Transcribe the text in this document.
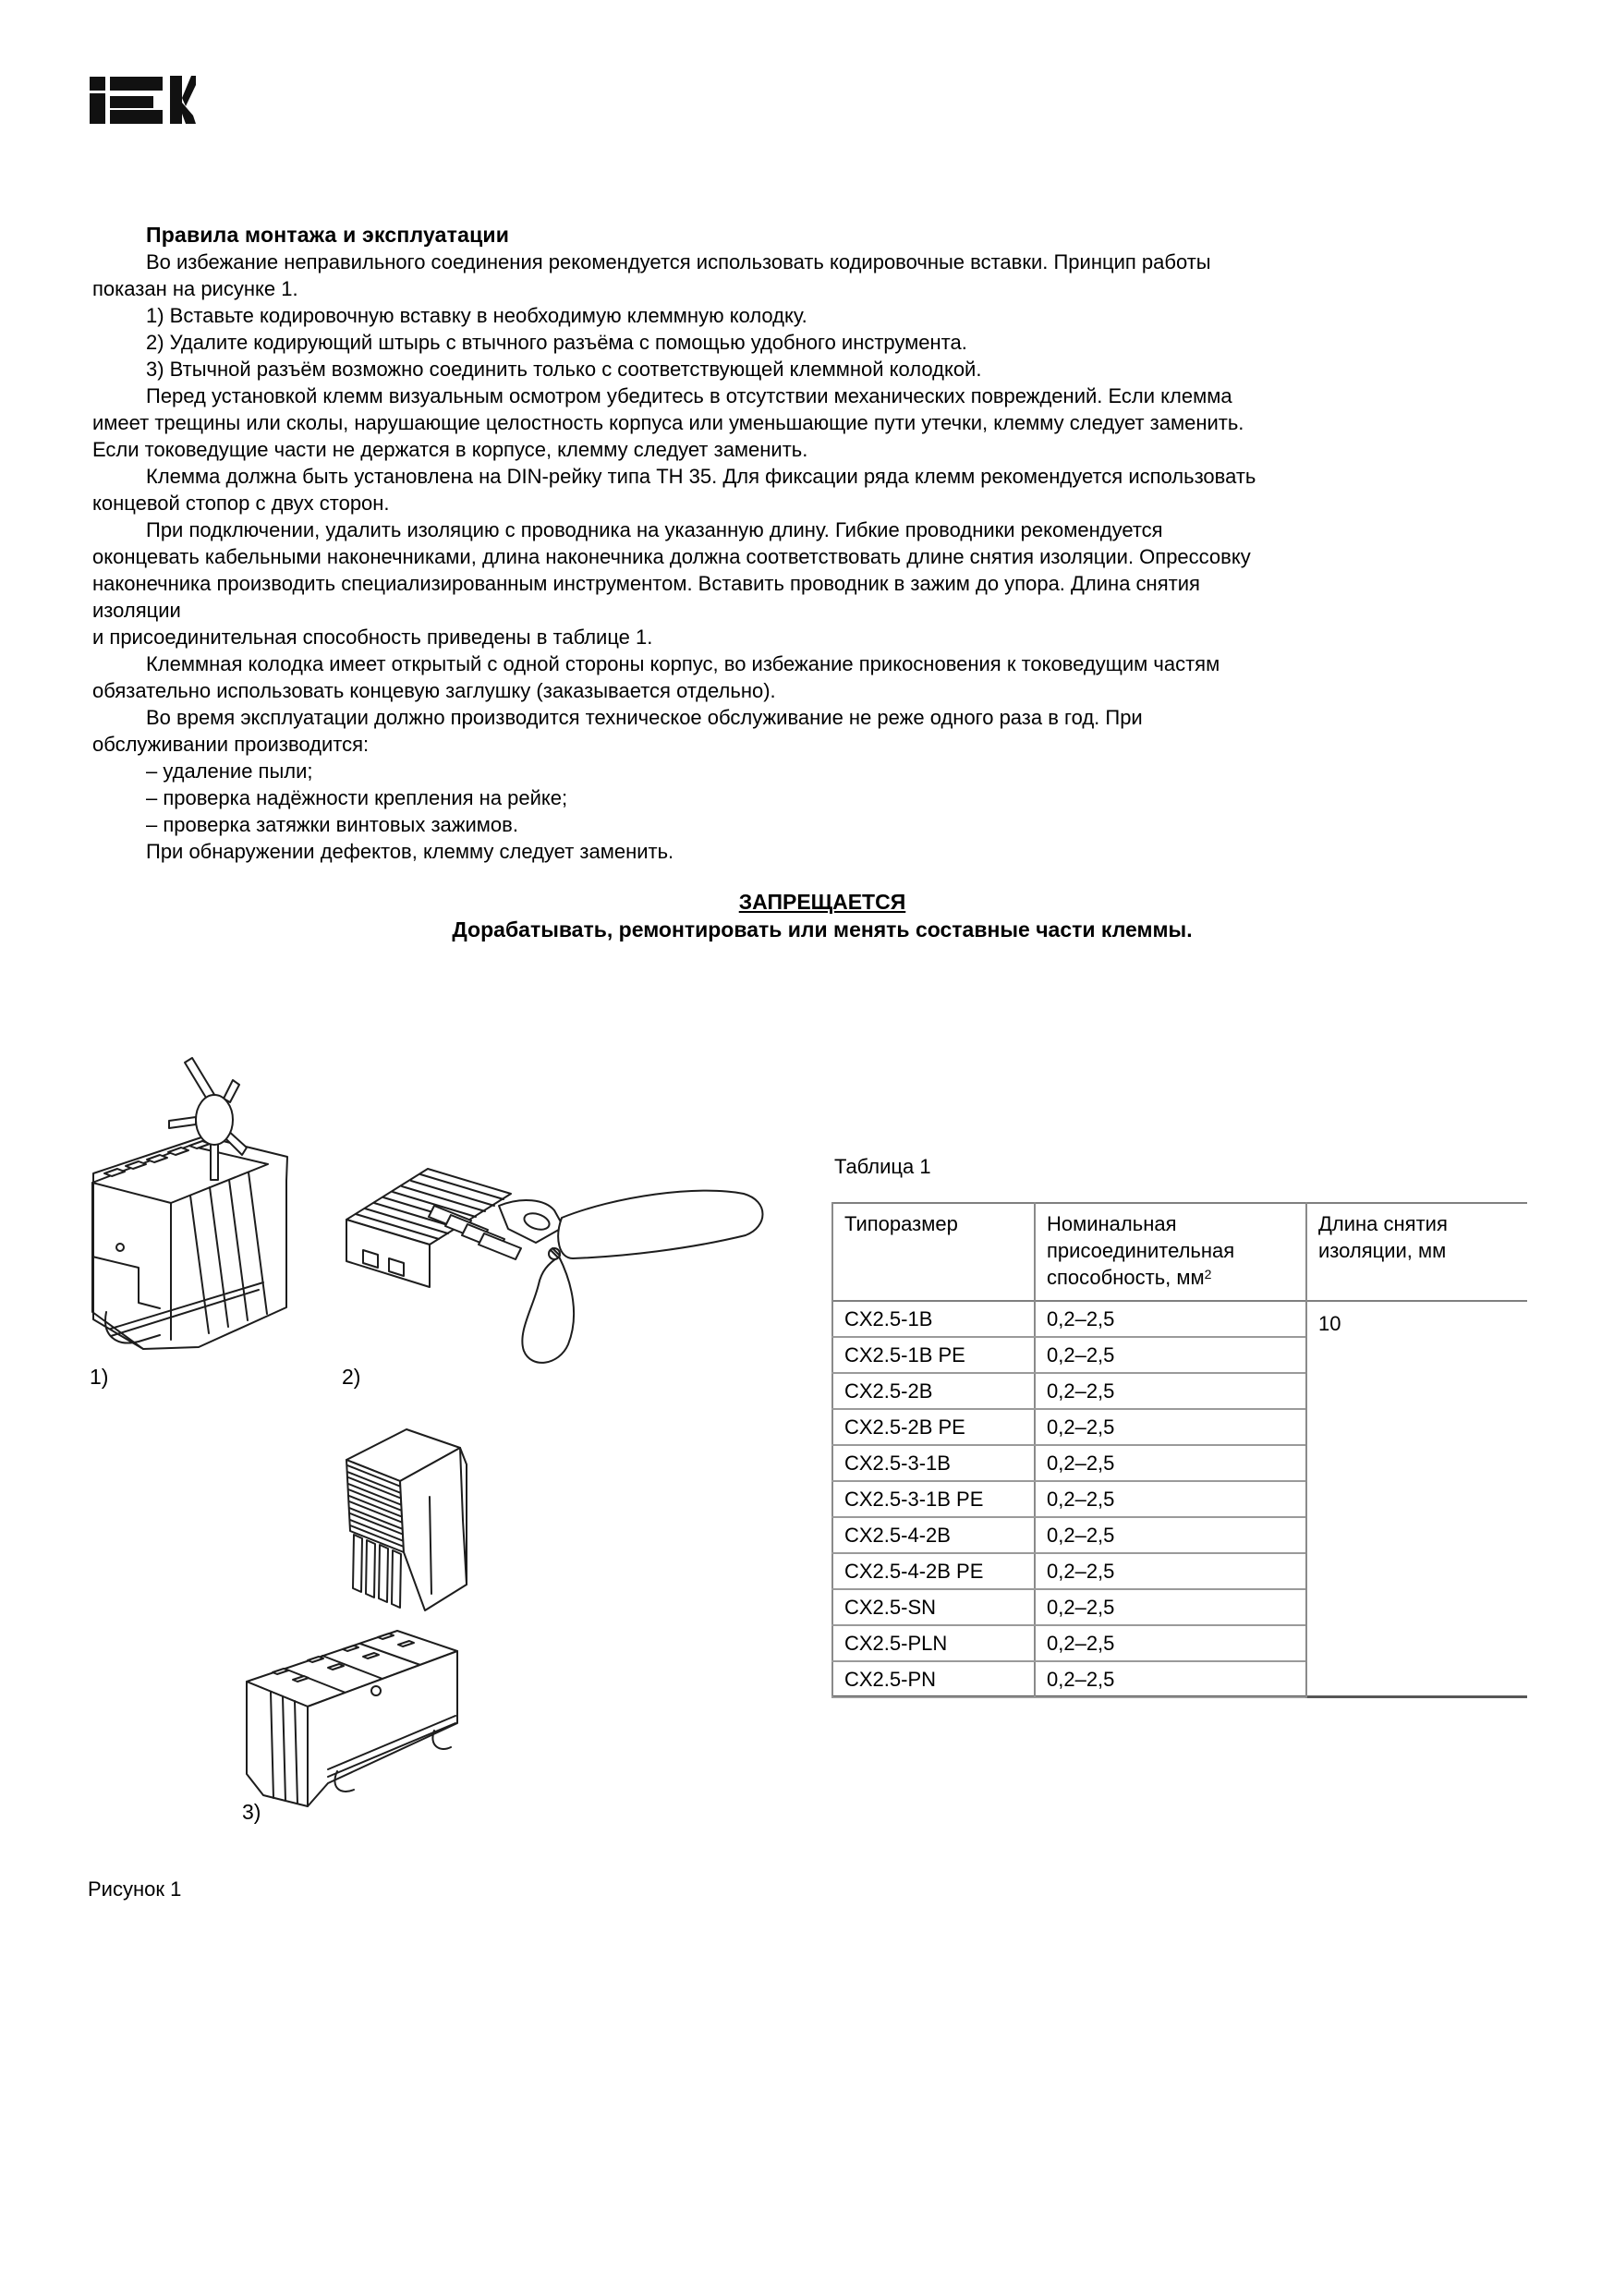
Правила монтажа и эксплуатации
Во избежание неправильного соединения рекомендуется использовать кодировочные вставки. Принцип работы
показан на рисунке 1.
1) Вставьте кодировочную вставку в необходимую клеммную колодку.
2) Удалите кодирующий штырь с втычного разъёма с помощью удобного инструмента.
3) Втычной разъём возможно соединить только с соответствующей клеммной колодкой.
Перед установкой клемм визуальным осмотром убедитесь в отсутствии механических повреждений. Если клемма
имеет трещины или сколы, нарушающие целостность корпуса или уменьшающие пути утечки, клемму следует заменить.
Если токоведущие части не держатся в корпусе, клемму следует заменить.
Клемма должна быть установлена на DIN-рейку типа ТН 35. Для фиксации ряда клемм рекомендуется использовать
концевой стопор с двух сторон.
При подключении, удалить изоляцию с проводника на указанную длину. Гибкие проводники рекомендуется
оконцевать кабельными наконечниками, длина наконечника должна соответствовать длине снятия изоляции. Опрессовку
наконечника производить специализированным инструментом. Вставить проводник в зажим до упора. Длина снятия
изоляции
и присоединительная способность приведены в таблице 1.
Клеммная колодка имеет открытый с одной стороны корпус, во избежание прикосновения к токоведущим частям
обязательно использовать концевую заглушку (заказывается отдельно).
Во время эксплуатации должно производится техническое обслуживание не реже одного раза в год. При
обслуживании производится:
– удаление пыли;
– проверка надёжности крепления на рейке;
– проверка затяжки винтовых зажимов.
При обнаружении дефектов, клемму следует заменить.
ЗАПРЕЩАЕТСЯ
Дорабатывать, ремонтировать или менять составные части клеммы.
1)	2)
3)
Рисунок 1
Таблица 1
Типоразмер	Номинальная присоединительная способность, $мм^2$
Длина снятия изоляции, мм
CX2.5-1B	0,2–2,5
CX2.5-1B PE	0,2–2,5
CX2.5-2B	0,2–2,5
CX2.5-2B PE	0,2–2,5
CX2.5-3-1B	0,2–2,5
CX2.5-3-1B PE	0,2–2,5
CX2.5-4-2B	0,2–2,5
CX2.5-4-2B PE	0,2–2,5
CX2.5-SN	0,2–2,5
CX2.5-PLN	0,2–2,5
CX2.5-PN	0,2–2,5
10
